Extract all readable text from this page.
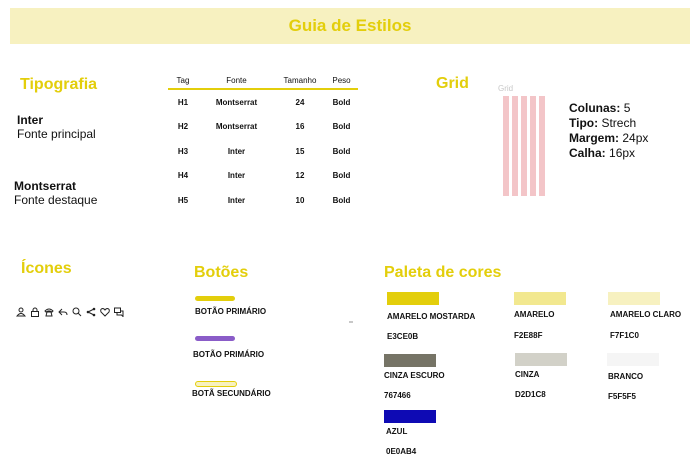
Guia de Estilos
Tipografia
Inter
Fonte principal
Montserrat
Fonte destaque
Tag	Fonte	Tamanho	Peso
H1	Montserrat	24	Bold
H2	Montserrat	16	Bold
H3	Inter	15	Bold
H4	Inter	12	Bold
H5	Inter	10	Bold
Grid	Grid
Colunas: 5
Tipo: Strech
Margem: 24px
Calha: 16px
Ícones
	Botões
BOTÃO PRIMÁRIO
BOTÃO PRIMÁRIO
BOTÃ SECUNDÁRIO
Paleta de cores
AMARELO MOSTARDA
E3CE0B
AMARELO
F2E88F
AMARELO CLARO
F7F1C0
CINZA ESCURO
767466
CINZA
D2D1C8
BRANCO
F5F5F5
AZUL
0E0AB4
